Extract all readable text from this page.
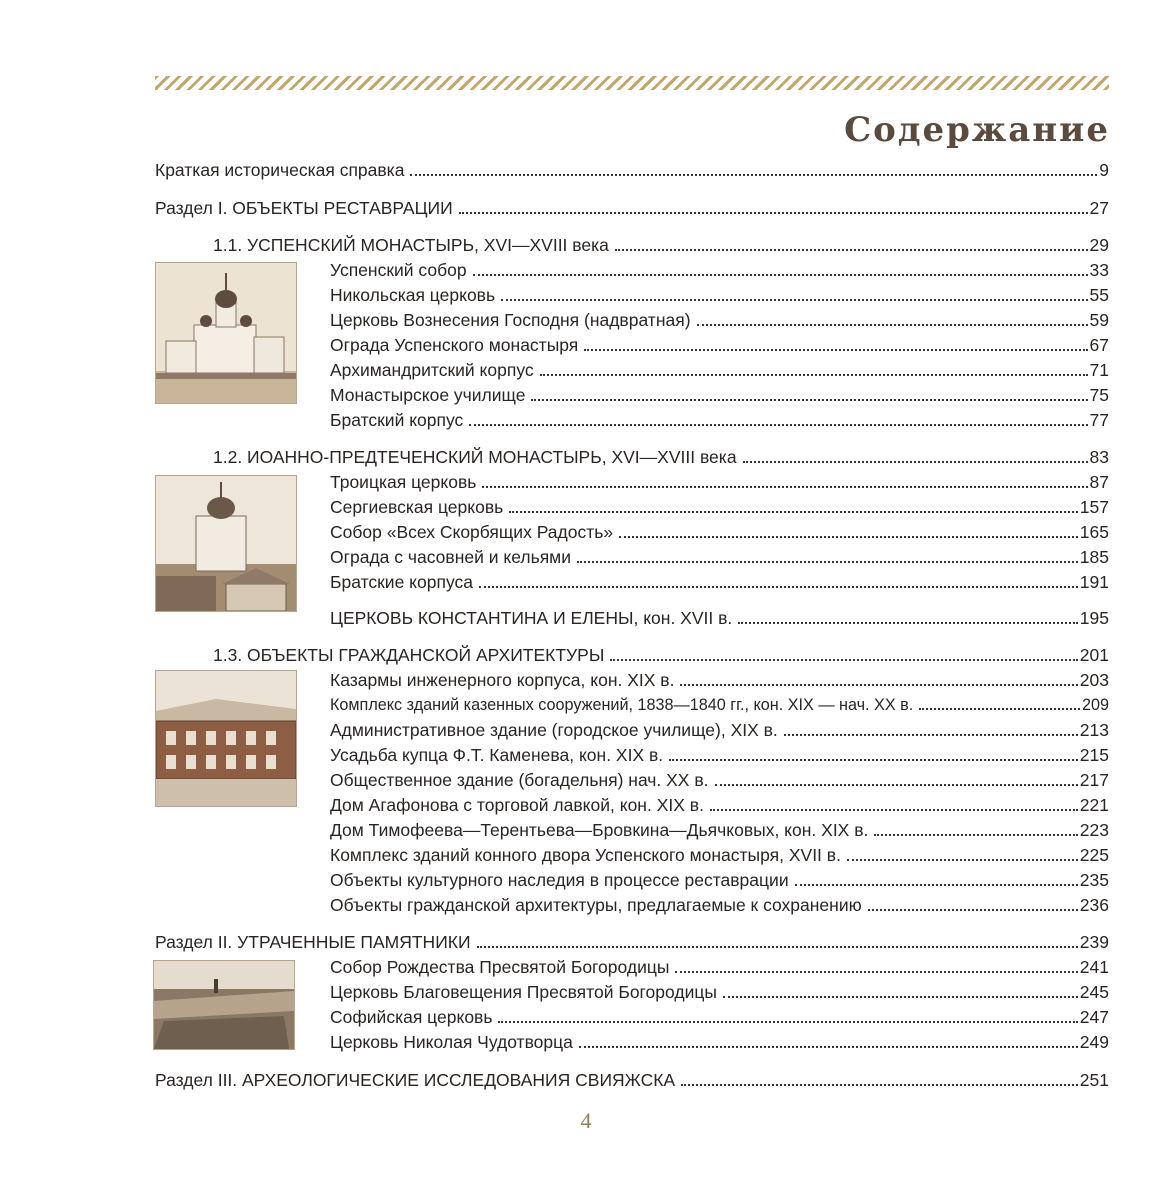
Содержание
Краткая историческая справка	9
Раздел I. ОБЪЕКТЫ РЕСТАВРАЦИИ	27
1.1. УСПЕНСКИЙ МОНАСТЫРЬ, XVI—XVIII века	29
Успенский собор	33
Никольская церковь	55
Церковь Вознесения Господня (надвратная)	59
Ограда Успенского монастыря	67
Архимандритский корпус	71
Монастырское училище	75
Братский корпус	77
1.2. ИОАННО-ПРЕДТЕЧЕНСКИЙ МОНАСТЫРЬ, XVI—XVIII века	83
Троицкая церковь	87
Сергиевская церковь	157
Собор «Всех Скорбящих Радость»	165
Ограда с часовней и кельями	185
Братские корпуса	191
ЦЕРКОВЬ КОНСТАНТИНА И ЕЛЕНЫ, кон. XVII в.	195
1.3. ОБЪЕКТЫ ГРАЖДАНСКОЙ АРХИТЕКТУРЫ	201
Казармы инженерного корпуса, кон. XIX в.	203
Комплекс зданий казенных сооружений, 1838—1840 гг., кон. XIX — нач. XX в.	209
Административное здание (городское училище), XIX в.	213
Усадьба купца Ф.Т. Каменева, кон. XIX в.	215
Общественное здание (богадельня) нач. XX в.	217
Дом Агафонова с торговой лавкой, кон. XIX в.	221
Дом Тимофеева—Терентьева—Бровкина—Дьячковых, кон. XIX в.	223
Комплекс зданий конного двора Успенского монастыря, XVII в.	225
Объекты культурного наследия в процессе реставрации	235
Объекты гражданской архитектуры, предлагаемые к сохранению	236
Раздел II. УТРАЧЕННЫЕ ПАМЯТНИКИ	239
Собор Рождества Пресвятой Богородицы	241
Церковь Благовещения Пресвятой Богородицы	245
Софийская церковь	247
Церковь Николая Чудотворца	249
Раздел III. АРХЕОЛОГИЧЕСКИЕ ИССЛЕДОВАНИЯ СВИЯЖСКА	251
4
